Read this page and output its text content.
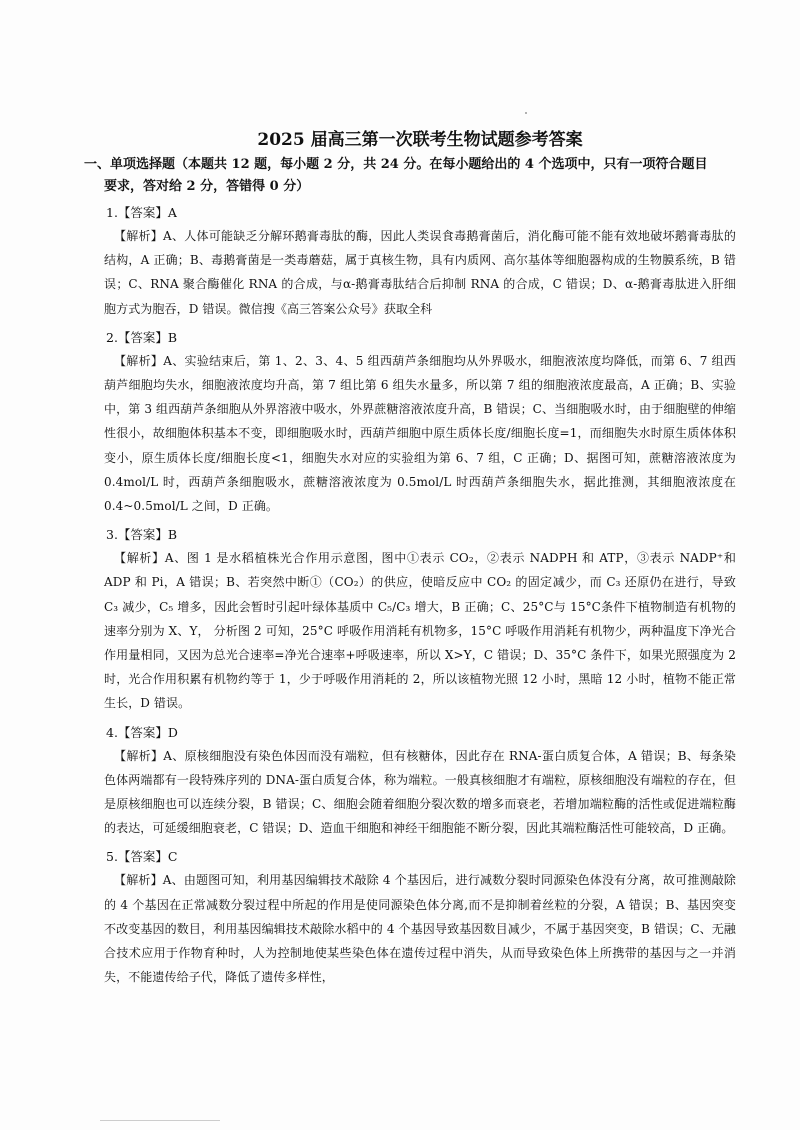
2025 届高三第一次联考生物试题参考答案
一、单项选择题（本题共 12 题，每小题 2 分，共 24 分。在每小题给出的 4 个选项中，只有一项符合题目
要求，答对给 2 分，答错得 0 分）
1.【答案】A

【解析】A、人体可能缺乏分解环鹅膏毒肽的酶，因此人类误食毒鹅膏菌后，消化酶可能不能有效地破坏鹅膏毒肽的结构，A 正确；B、毒鹅膏菌是一类毒蘑菇，属于真核生物，具有内质网、高尔基体等细胞器构成的生物膜系统，B 错误；C、RNA 聚合酶催化 RNA 的合成，与α-鹅膏毒肽结合后抑制 RNA 的合成，C 错误；D、α-鹅膏毒肽进入肝细胞方式为胞吞，D 错误。微信搜《高三答案公众号》获取全科

2.【答案】B

【解析】A、实验结束后，第 1、2、3、4、5 组西葫芦条细胞均从外界吸水，细胞液浓度均降低，而第 6、7 组西葫芦细胞均失水，细胞液浓度均升高，第 7 组比第 6 组失水量多，所以第 7 组的细胞液浓度最高，A 正确；B、实验中，第 3 组西葫芦条细胞从外界溶液中吸水，外界蔗糖溶液浓度升高，B 错误；C、当细胞吸水时，由于细胞壁的伸缩性很小，故细胞体积基本不变，即细胞吸水时，西葫芦细胞中原生质体长度/细胞长度=1，而细胞失水时原生质体体积变小，原生质体长度/细胞长度<1，细胞失水对应的实验组为第 6、7 组，C 正确；D、据图可知，蔗糖溶液浓度为 0.4mol/L 时，西葫芦条细胞吸水，蔗糖溶液浓度为 0.5mol/L 时西葫芦条细胞失水，据此推测，其细胞液浓度在 0.4~0.5mol/L 之间，D 正确。

3.【答案】B

【解析】A、图 1 是水稻植株光合作用示意图，图中①表示 CO₂，②表示 NADPH 和 ATP，③表示 NADP⁺和 ADP 和 Pi，A 错误；B、若突然中断①（CO₂）的供应，使暗反应中 CO₂ 的固定减少，而 C₃ 还原仍在进行，导致 C₃ 减少，C₅ 增多，因此会暂时引起叶绿体基质中 C₅/C₃ 增大，B 正确；C、25°C与 15°C条件下植物制造有机物的速率分别为 X、Y， 分析图 2 可知，25°C 呼吸作用消耗有机物多，15°C 呼吸作用消耗有机物少，两种温度下净光合作用量相同，又因为总光合速率=净光合速率+呼吸速率，所以 X>Y，C 错误；D、35°C 条件下，如果光照强度为 2 时，光合作用积累有机物约等于 1，少于呼吸作用消耗的 2，所以该植物光照 12 小时，黑暗 12 小时，植物不能正常生长，D 错误。

4.【答案】D

【解析】A、原核细胞没有染色体因而没有端粒，但有核糖体，因此存在 RNA-蛋白质复合体，A 错误；B、每条染色体两端都有一段特殊序列的 DNA-蛋白质复合体，称为端粒。一般真核细胞才有端粒，原核细胞没有端粒的存在，但是原核细胞也可以连续分裂，B 错误；C、细胞会随着细胞分裂次数的增多而衰老，若增加端粒酶的活性或促进端粒酶的表达，可延缓细胞衰老，C 错误；D、造血干细胞和神经干细胞能不断分裂，因此其端粒酶活性可能较高，D 正确。

5.【答案】C

【解析】A、由题图可知，利用基因编辑技术敲除 4 个基因后，进行减数分裂时同源染色体没有分离，故可推测敲除的 4 个基因在正常减数分裂过程中所起的作用是使同源染色体分离,而不是抑制着丝粒的分裂，A 错误；B、基因突变不改变基因的数目，利用基因编辑技术敲除水稻中的 4 个基因导致基因数目减少，不属于基因突变，B 错误；C、无融合技术应用于作物育种时，人为控制地使某些染色体在遗传过程中消失，从而导致染色体上所携带的基因与之一并消失，不能遗传给子代，降低了遗传多样性，
